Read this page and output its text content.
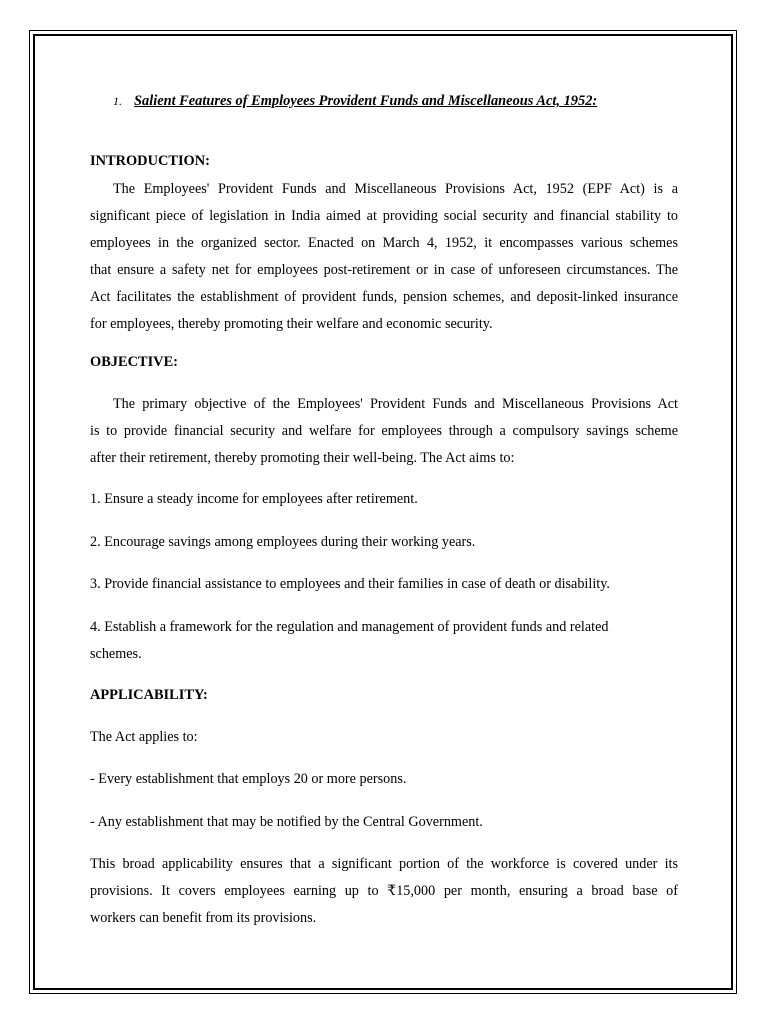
1. Salient Features of Employees Provident Funds and Miscellaneous Act, 1952:
INTRODUCTION:
The Employees' Provident Funds and Miscellaneous Provisions Act, 1952 (EPF Act) is a
significant piece of legislation in India aimed at providing social security and financial stability to
employees in the organized sector. Enacted on March 4, 1952, it encompasses various schemes
that ensure a safety net for employees post-retirement or in case of unforeseen circumstances. The
Act facilitates the establishment of provident funds, pension schemes, and deposit-linked insurance
for employees, thereby promoting their welfare and economic security.
OBJECTIVE:
The primary objective of the Employees' Provident Funds and Miscellaneous Provisions Act
is to provide financial security and welfare for employees through a compulsory savings scheme
after their retirement, thereby promoting their well-being. The Act aims to:
1. Ensure a steady income for employees after retirement.
2. Encourage savings among employees during their working years.
3. Provide financial assistance to employees and their families in case of death or disability.
4. Establish a framework for the regulation and management of provident funds and related
schemes.
APPLICABILITY:
The Act applies to:
- Every establishment that employs 20 or more persons.
- Any establishment that may be notified by the Central Government.
This broad applicability ensures that a significant portion of the workforce is covered under its
provisions. It covers employees earning up to ₹15,000 per month, ensuring a broad base of
workers can benefit from its provisions.
